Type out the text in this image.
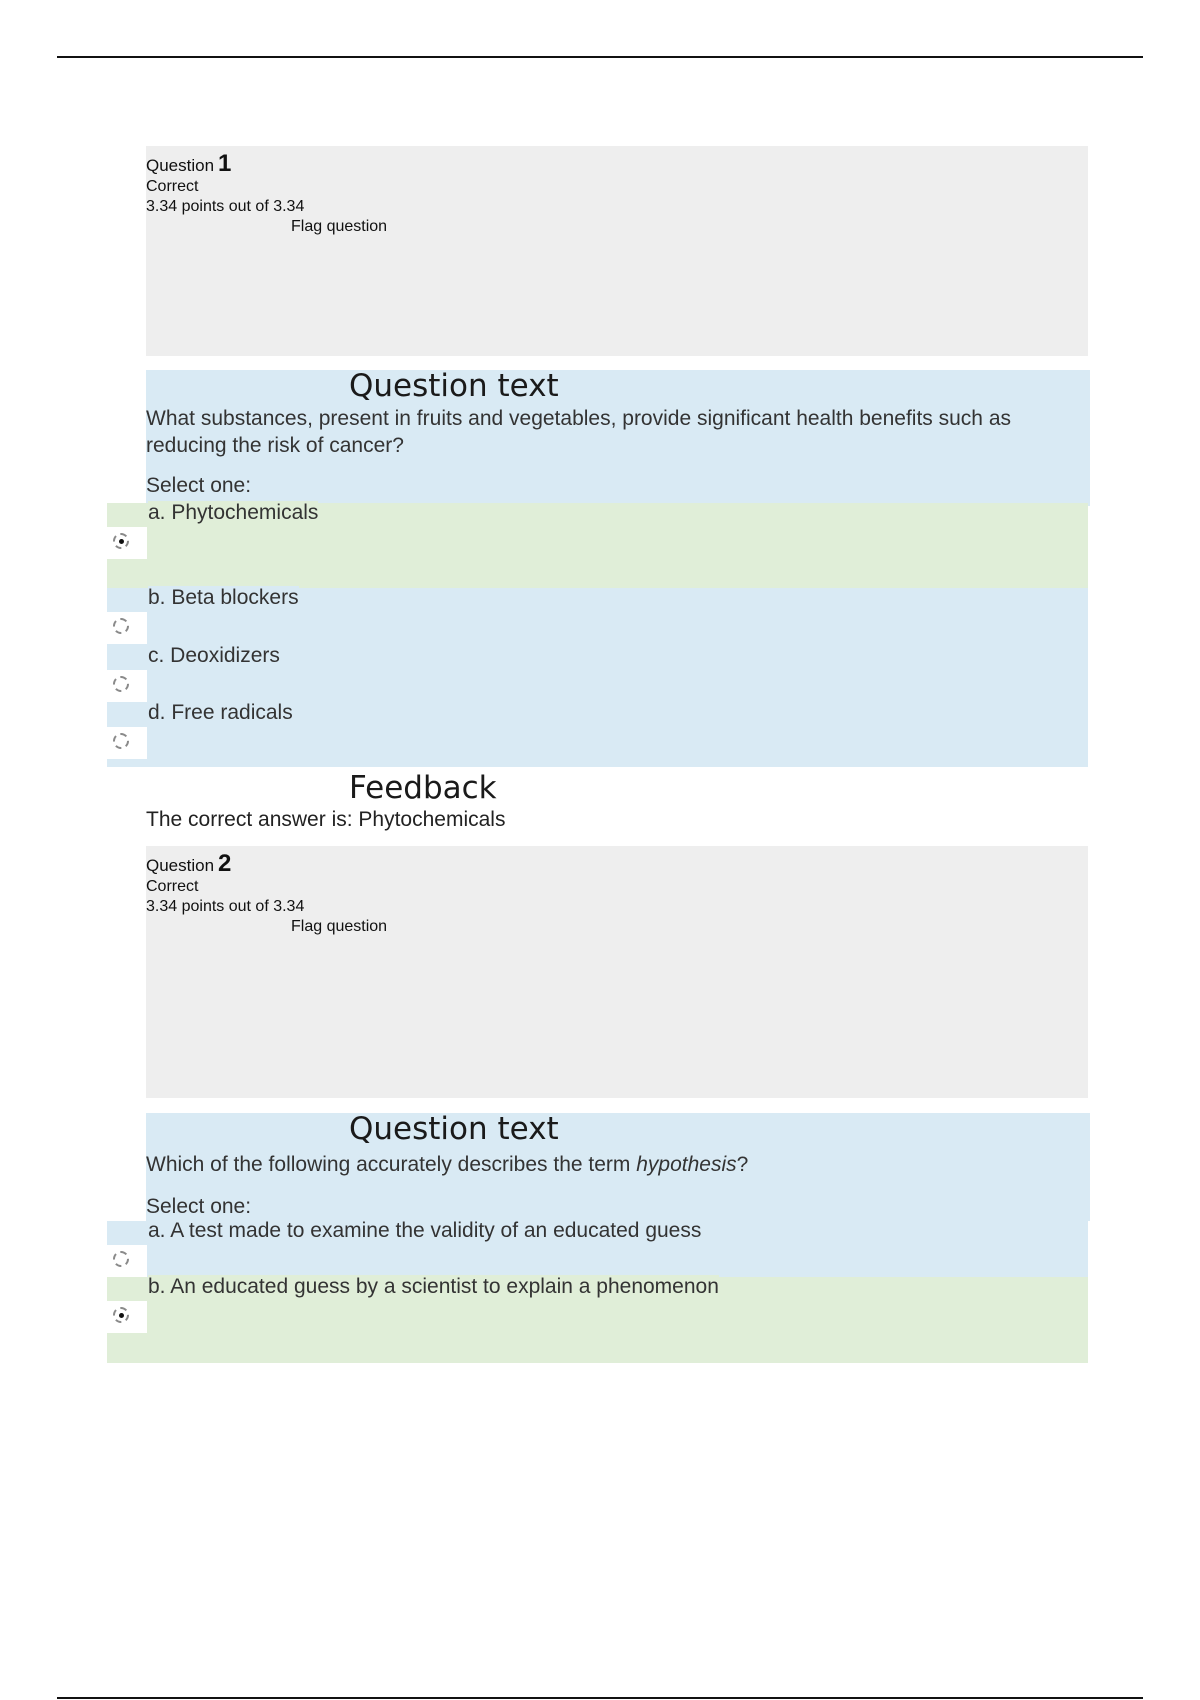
Question 1
Correct
3.34 points out of 3.34
Flag question
Question text
What substances, present in fruits and vegetables, provide significant health benefits such as reducing the risk of cancer?
Select one:
a. Phytochemicals
b. Beta blockers
c. Deoxidizers
d. Free radicals
Feedback
The correct answer is: Phytochemicals
Question 2
Correct
3.34 points out of 3.34
Flag question
Question text
Which of the following accurately describes the term hypothesis?
Select one:
a. A test made to examine the validity of an educated guess
b. An educated guess by a scientist to explain a phenomenon
